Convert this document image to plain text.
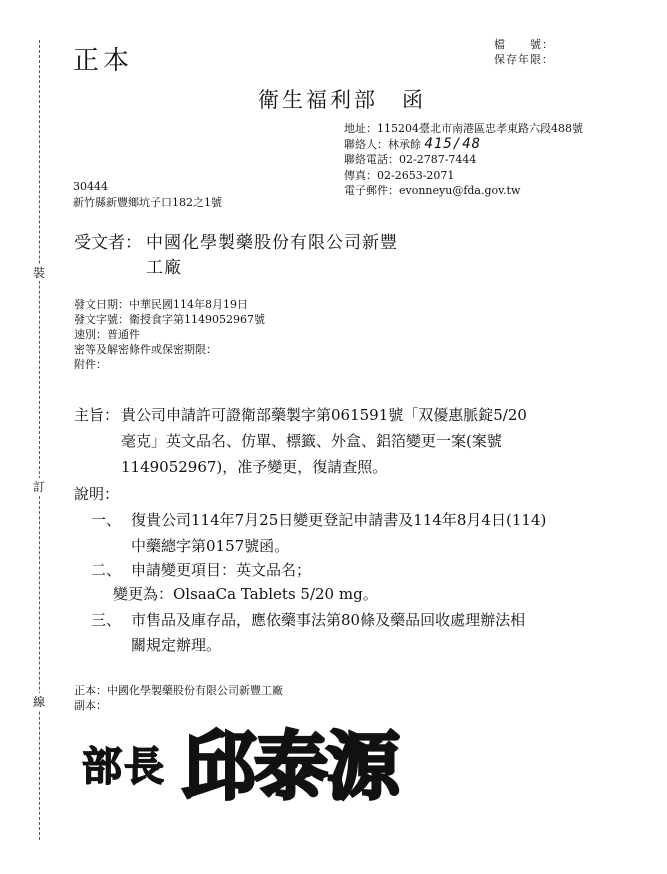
裝
訂
線
正本
檔　　號：
保存年限：
衛生福利部 函
地址：115204臺北市南港區忠孝東路六段488號
聯絡人：林承餘 415/48
聯絡電話：02-2787-7444
傳真：02-2653-2071
電子郵件：evonneyu@fda.gov.tw
30444
新竹縣新豐鄉坑子口182之1號
受文者： 中國化學製藥股份有限公司新豐
工廠
發文日期：中華民國114年8月19日
發文字號：衛授食字第1149052967號
速別：普通件
密等及解密條件或保密期限：
附件：
主旨： 貴公司申請許可證衛部藥製字第061591號「双優惠脈錠5/20
毫克」英文品名、仿單、標籤、外盒、鋁箔變更一案(案號
1149052967)，准予變更，復請查照。
說明：
一、 復貴公司114年7月25日變更登記申請書及114年8月4日(114)
中藥總字第0157號函。
二、 申請變更項目：英文品名；
變更為：OlsaaCa Tablets 5/20 mg。
三、 市售品及庫存品，應依藥事法第80條及藥品回收處理辦法相
關規定辦理。
正本：中國化學製藥股份有限公司新豐工廠
副本：
部長 邱泰源
